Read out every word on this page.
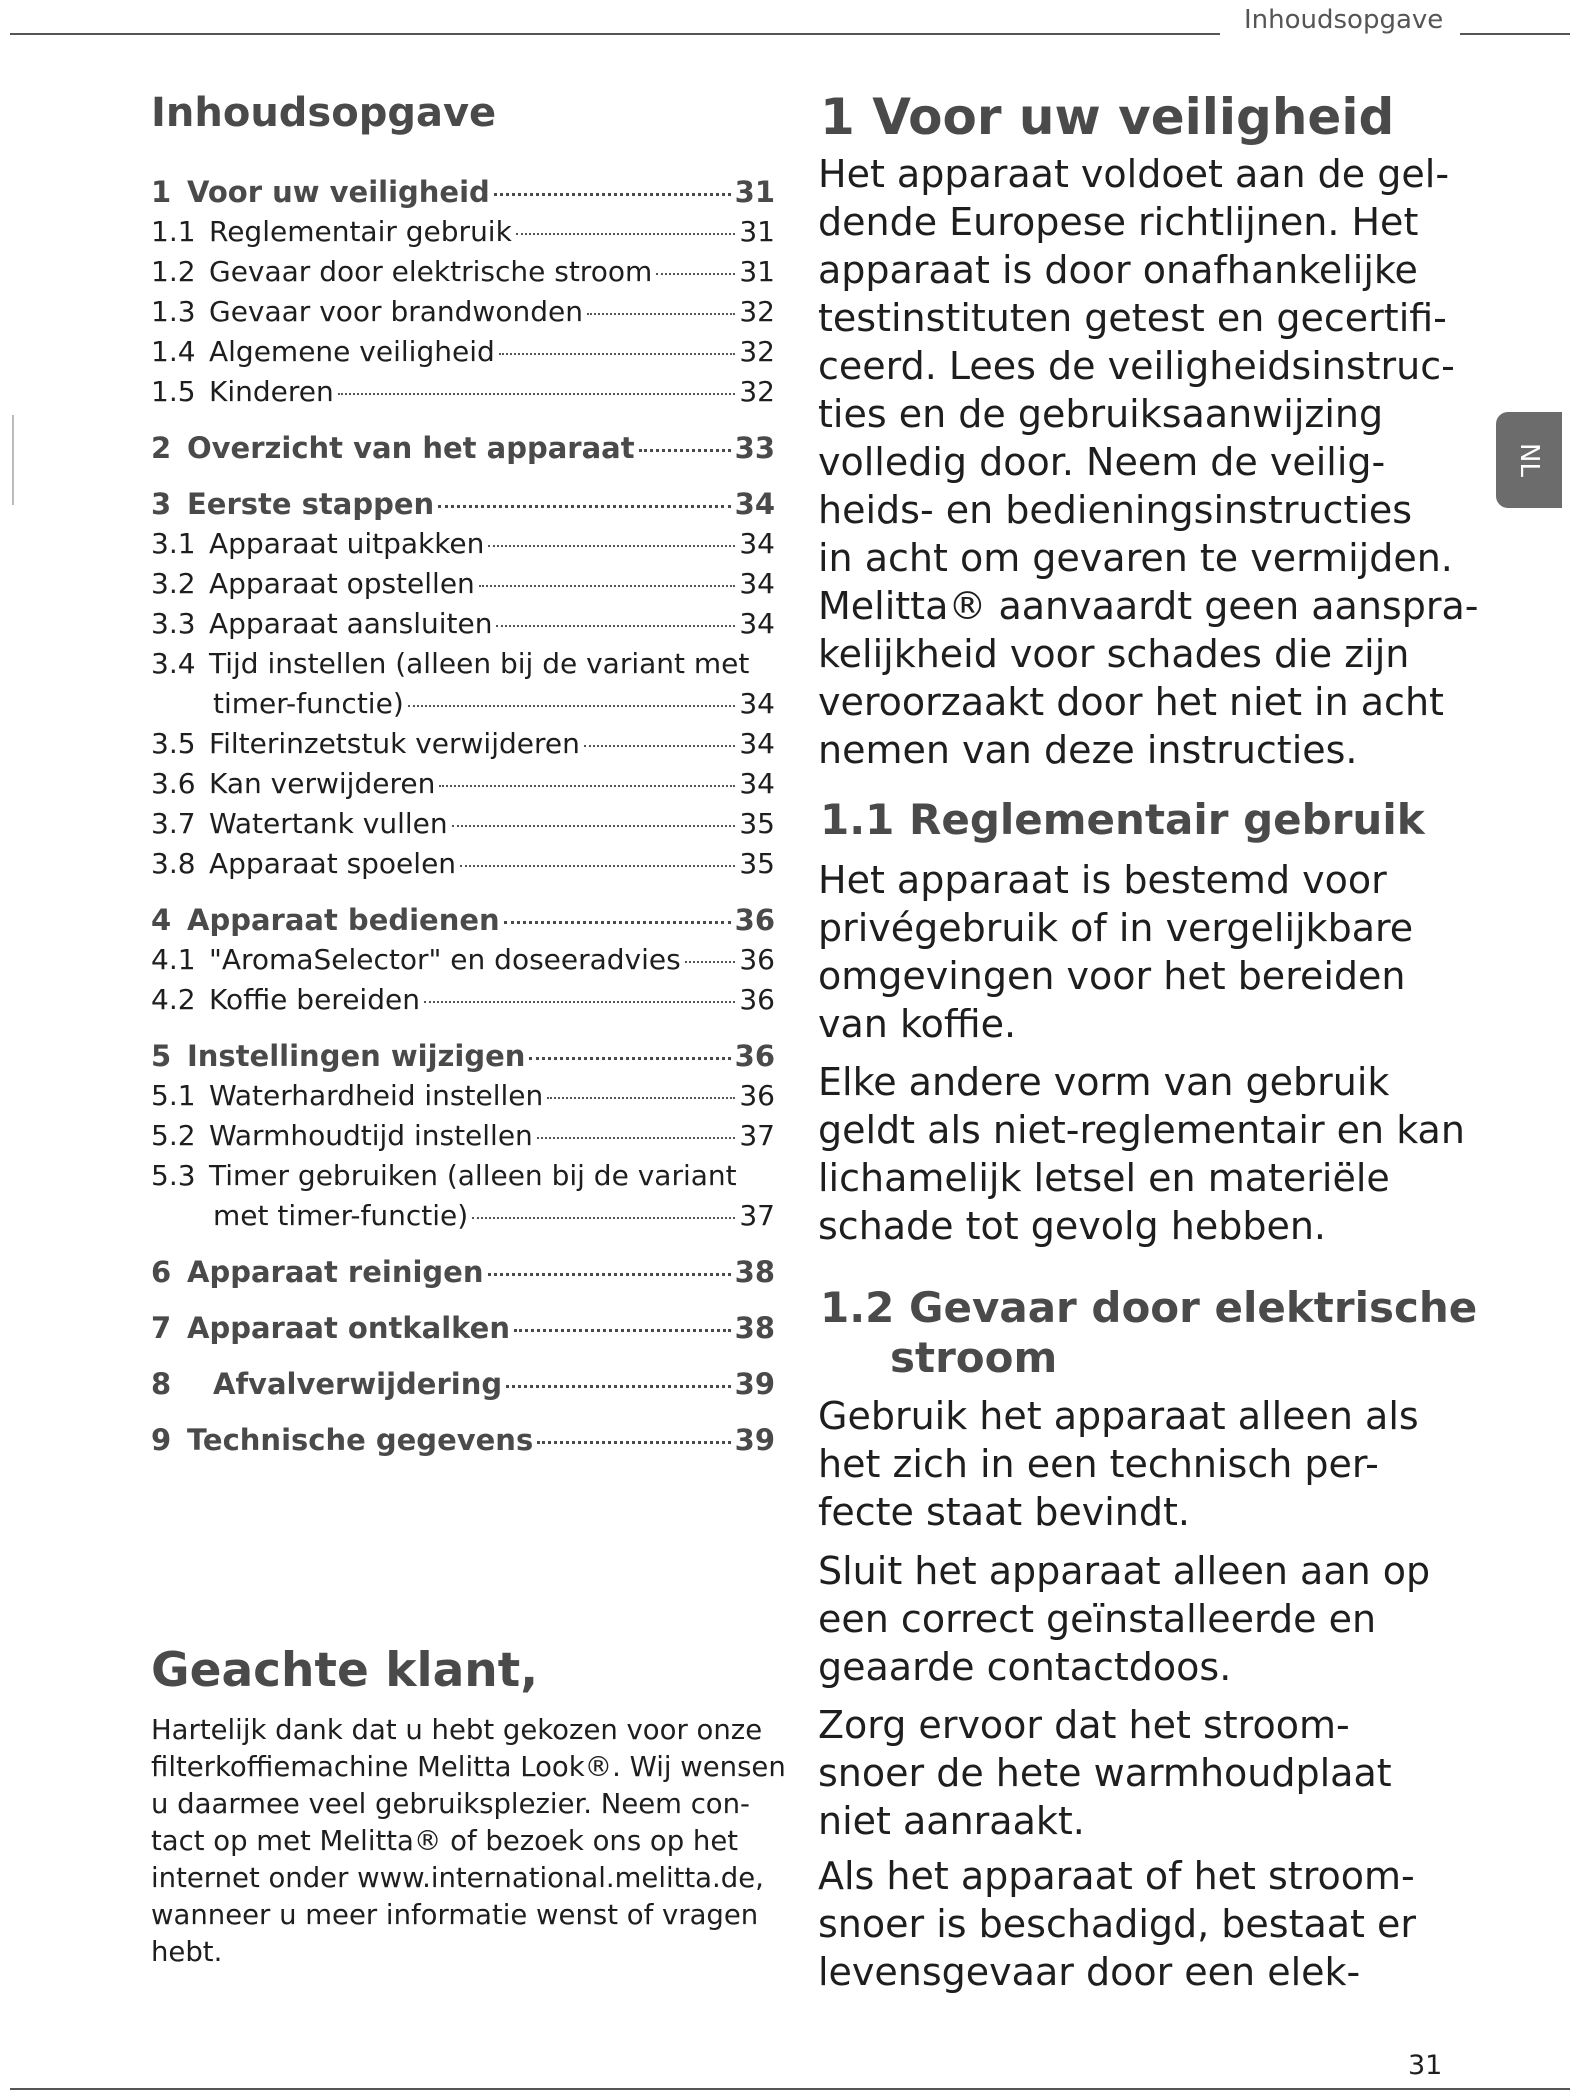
Inhoudsopgave
NL
Inhoudsopgave
1 Voor uw veiligheid	31
1.1 Reglementair gebruik	31
1.2 Gevaar door elektrische stroom	31
1.3 Gevaar voor brandwonden	32
1.4 Algemene veiligheid	32
1.5 Kinderen	32
2 Overzicht van het apparaat	33
3 Eerste stappen	34
3.1 Apparaat uitpakken	34
3.2 Apparaat opstellen	34
3.3 Apparaat aansluiten	34
3.4 Tijd instellen (alleen bij de variant met
timer-functie)	34
3.5 Filterinzetstuk verwijderen	34
3.6 Kan verwijderen	34
3.7 Watertank vullen	35
3.8 Apparaat spoelen	35
4 Apparaat bedienen	36
4.1 "AromaSelector" en doseeradvies 36
4.2 Koffie bereiden	36
5 Instellingen wijzigen	36
5.1 Waterhardheid instellen	36
5.2 Warmhoudtijd instellen	37
5.3 Timer gebruiken (alleen bij de variant
met timer-functie)	37
6 Apparaat reinigen	38
7 Apparaat ontkalken	38
8	Afvalverwijdering	39
9 Technische gegevens	39
Geachte klant,
Hartelijk dank dat u hebt gekozen voor onze
filterkoffiemachine Melitta Look®. Wij wensen
u daarmee veel gebruiksplezier. Neem con-
tact op met Melitta® of bezoek ons op het
internet onder www.international.melitta.de,
wanneer u meer informatie wenst of vragen
hebt.
1 Voor uw veiligheid
Het apparaat voldoet aan de gel-
dende Europese richtlijnen. Het
apparaat is door onafhankelijke
testinstituten getest en gecertifi-
ceerd. Lees de veiligheidsinstruc-
ties en de gebruiksaanwijzing
volledig door. Neem de veilig-
heids- en bedieningsinstructies
in acht om gevaren te vermijden.
Melitta® aanvaardt geen aanspra-
kelijkheid voor schades die zijn
veroorzaakt door het niet in acht
nemen van deze instructies.
1.1 Reglementair gebruik
Het apparaat is bestemd voor
privégebruik of in vergelijkbare
omgevingen voor het bereiden
van koffie.
Elke andere vorm van gebruik
geldt als niet-reglementair en kan
lichamelijk letsel en materiële
schade tot gevolg hebben.
1.2 Gevaar door elektrische
stroom
Gebruik het apparaat alleen als
het zich in een technisch per-
fecte staat bevindt.
Sluit het apparaat alleen aan op
een correct geïnstalleerde en
geaarde contactdoos.
Zorg ervoor dat het stroom-
snoer de hete warmhoudplaat
niet aanraakt.
Als het apparaat of het stroom-
snoer is beschadigd, bestaat er
levensgevaar door een elek-
31
